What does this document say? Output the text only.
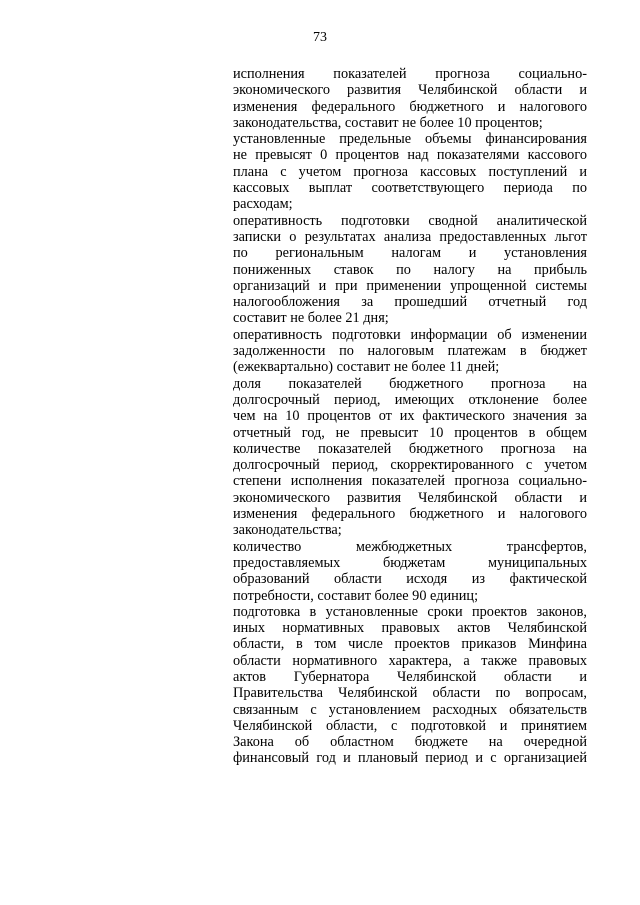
73
исполнения показателей прогноза социально-
экономического развития Челябинской области и
изменения федерального бюджетного и налогового
законодательства, составит не более 10 процентов;
установленные предельные объемы финансирования
не превысят 0 процентов над показателями кассового
плана с учетом прогноза кассовых поступлений и
кассовых выплат соответствующего периода по
расходам;
оперативность подготовки сводной аналитической
записки о результатах анализа предоставленных льгот
по региональным налогам и установления
пониженных ставок по налогу на прибыль
организаций и при применении упрощенной системы
налогообложения за прошедший отчетный год
составит не более 21 дня;
оперативность подготовки информации об изменении
задолженности по налоговым платежам в бюджет
(ежеквартально) составит не более 11 дней;
доля показателей бюджетного прогноза на
долгосрочный период, имеющих отклонение более
чем на 10 процентов от их фактического значения за
отчетный год, не превысит 10 процентов в общем
количестве показателей бюджетного прогноза на
долгосрочный период, скорректированного с учетом
степени исполнения показателей прогноза социально-
экономического развития Челябинской области и
изменения федерального бюджетного и налогового
законодательства;
количество межбюджетных трансфертов,
предоставляемых бюджетам муниципальных
образований области исходя из фактической
потребности, составит более 90 единиц;
подготовка в установленные сроки проектов законов,
иных нормативных правовых актов Челябинской
области, в том числе проектов приказов Минфина
области нормативного характера, а также правовых
актов Губернатора Челябинской области и
Правительства Челябинской области по вопросам,
связанным с установлением расходных обязательств
Челябинской области, с подготовкой и принятием
Закона об областном бюджете на очередной
финансовый год и плановый период и с организацией
